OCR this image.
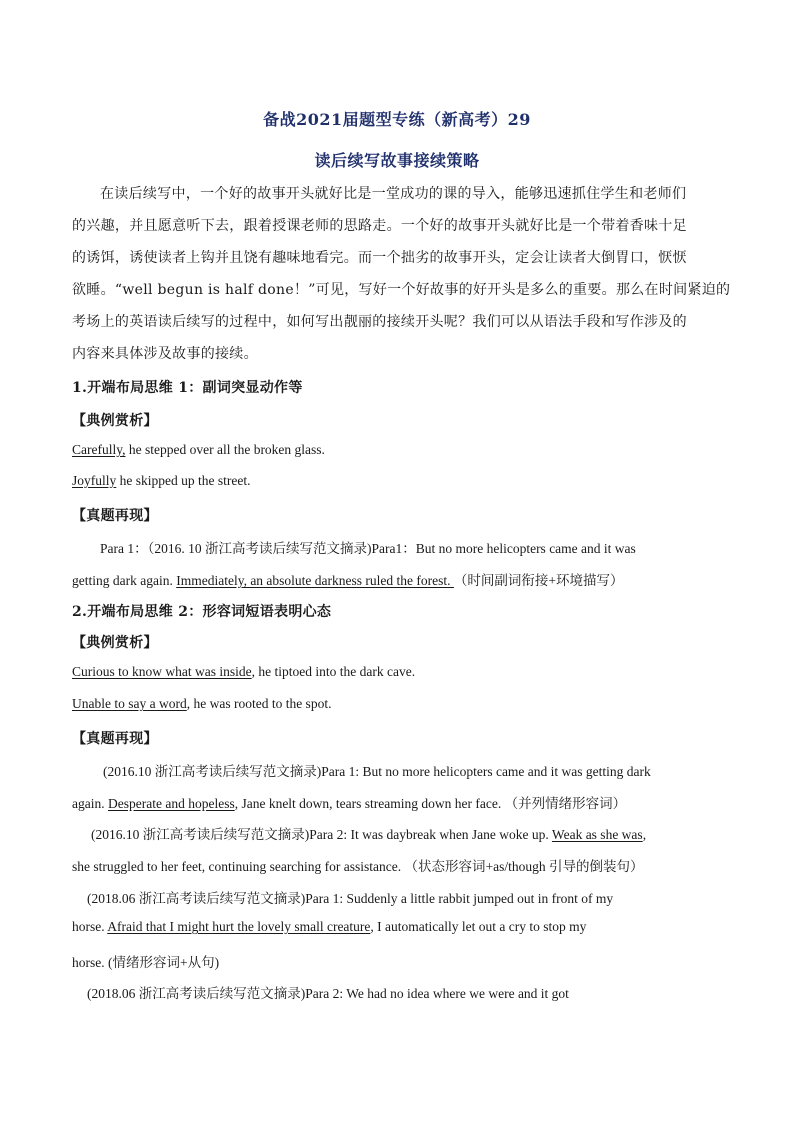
备战2021届题型专练（新高考）29
读后续写故事接续策略
在读后续写中，一个好的故事开头就好比是一堂成功的课的导入，能够迅速抓住学生和老师们
的兴趣，并且愿意听下去，跟着授课老师的思路走。一个好的故事开头就好比是一个带着香味十足
的诱饵，诱使读者上钩并且饶有趣味地看完。而一个拙劣的故事开头，定会让读者大倒胃口，恹恹
欲睡。“well begun is half done！”可见，写好一个好故事的好开头是多么的重要。那么在时间紧迫的
考场上的英语读后续写的过程中，如何写出靓丽的接续开头呢？我们可以从语法手段和写作涉及的
内容来具体涉及故事的接续。
1.开端布局思维 1：副词突显动作等
【典例赏析】
Carefully, he stepped over all the broken glass.
Joyfully he skipped up the street.
【真题再现】
Para 1：（2016. 10 浙江高考读后续写范文摘录)Para1：But no more helicopters came and it was
getting dark again. Immediately, an absolute darkness ruled the forest. （时间副词衔接+环境描写）
2.开端布局思维 2：形容词短语表明心态
【典例赏析】
Curious to know what was inside, he tiptoed into the dark cave.
Unable to say a word, he was rooted to the spot.
【真题再现】
(2016.10 浙江高考读后续写范文摘录)Para 1: But no more helicopters came and it was getting dark
again. Desperate and hopeless, Jane knelt down, tears streaming down her face. （并列情绪形容词）
(2016.10 浙江高考读后续写范文摘录)Para 2: It was daybreak when Jane woke up. Weak as she was,
she struggled to her feet, continuing searching for assistance. （状态形容词+as/though 引导的倒装句）
(2018.06 浙江高考读后续写范文摘录)Para 1: Suddenly a little rabbit jumped out in front of my
horse. Afraid that I might hurt the lovely small creature, I automatically let out a cry to stop my
horse. (情绪形容词+从句)
(2018.06 浙江高考读后续写范文摘录)Para 2: We had no idea where we were and it got
